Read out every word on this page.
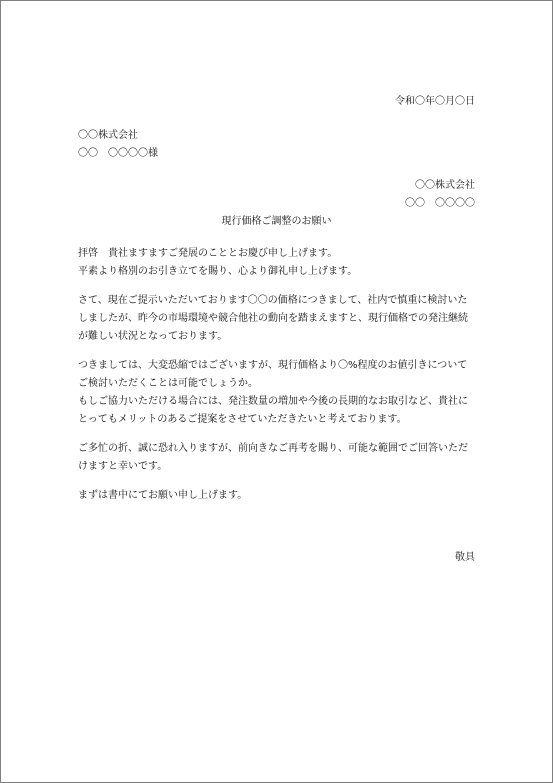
令和〇年〇月〇日
〇〇株式会社
〇〇　〇〇〇〇様
〇〇株式会社
〇〇　〇〇〇〇
現行価格ご調整のお願い
拝啓　貴社ますますご発展のこととお慶び申し上げます。
平素より格別のお引き立てを賜り、心より御礼申し上げます。
さて、現在ご提示いただいております〇〇の価格につきまして、社内で慎重に検討いたしましたが、昨今の市場環境や競合他社の動向を踏まえますと、現行価格での発注継続が難しい状況となっております。
つきましては、大変恐縮ではございますが、現行価格より〇%程度のお値引きについてご検討いただくことは可能でしょうか。
もしご協力いただける場合には、発注数量の増加や今後の長期的なお取引など、貴社にとってもメリットのあるご提案をさせていただきたいと考えております。
ご多忙の折、誠に恐れ入りますが、前向きなご再考を賜り、可能な範囲でご回答いただけますと幸いです。
まずは書中にてお願い申し上げます。
敬具
